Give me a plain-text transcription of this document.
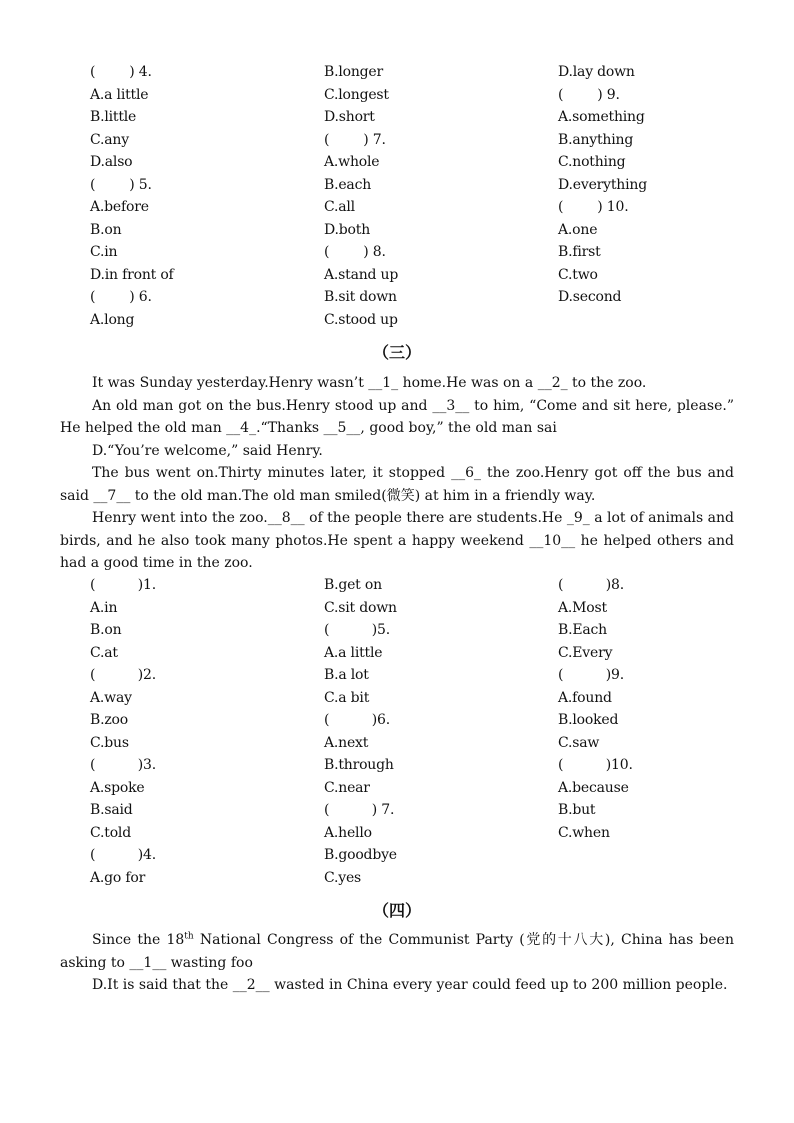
(        ) 4.
A.a little
B.little
C.any
D.also
(        ) 5.
A.before
B.on
C.in
D.in front of
(        ) 6.
A.long
B.longer
C.longest
D.short
(        ) 7.
A.whole
B.each
C.all
D.both
(        ) 8.
A.stand up
B.sit down
C.stood up
D.lay down
(        ) 9.
A.something
B.anything
C.nothing
D.everything
(        ) 10.
A.one
B.first
C.two
D.second
（三）

It was Sunday yesterday.Henry wasn’t __1_ home.He was on a __2_ to the zoo.

An old man got on the bus.Henry stood up and __3__ to him, “Come and sit here, please.” He helped the old man __4_.“Thanks __5__, good boy,” the old man sai

D.“You’re welcome,” said Henry.

The bus went on.Thirty minutes later, it stopped __6_ the zoo.Henry got off the bus and said __7__ to the old man.The old man smiled(微笑) at him in a friendly way.

Henry went into the zoo.__8__ of the people there are students.He _9_ a lot of animals and birds, and he also took many photos.He spent a happy weekend __10__ he helped others and had a good time in the zoo.

(          )1.
A.in
B.on
C.at
(          )2.
A.way
B.zoo
C.bus
(          )3.
A.spoke
B.said
C.told
(          )4.
A.go for
B.get on
C.sit down
(          )5.
A.a little
B.a lot
C.a bit
(          )6.
A.next
B.through
C.near
(          ) 7.
A.hello
B.goodbye
C.yes
(          )8.
A.Most
B.Each
C.Every
(          )9.
A.found
B.looked
C.saw
(          )10.
A.because
B.but
C.when
（四）

Since the 18th National Congress of the Communist Party (党的十八大), China has been asking to __1__ wasting foo

D.It is said that the __2__ wasted in China every year could feed up to 200 million people.
